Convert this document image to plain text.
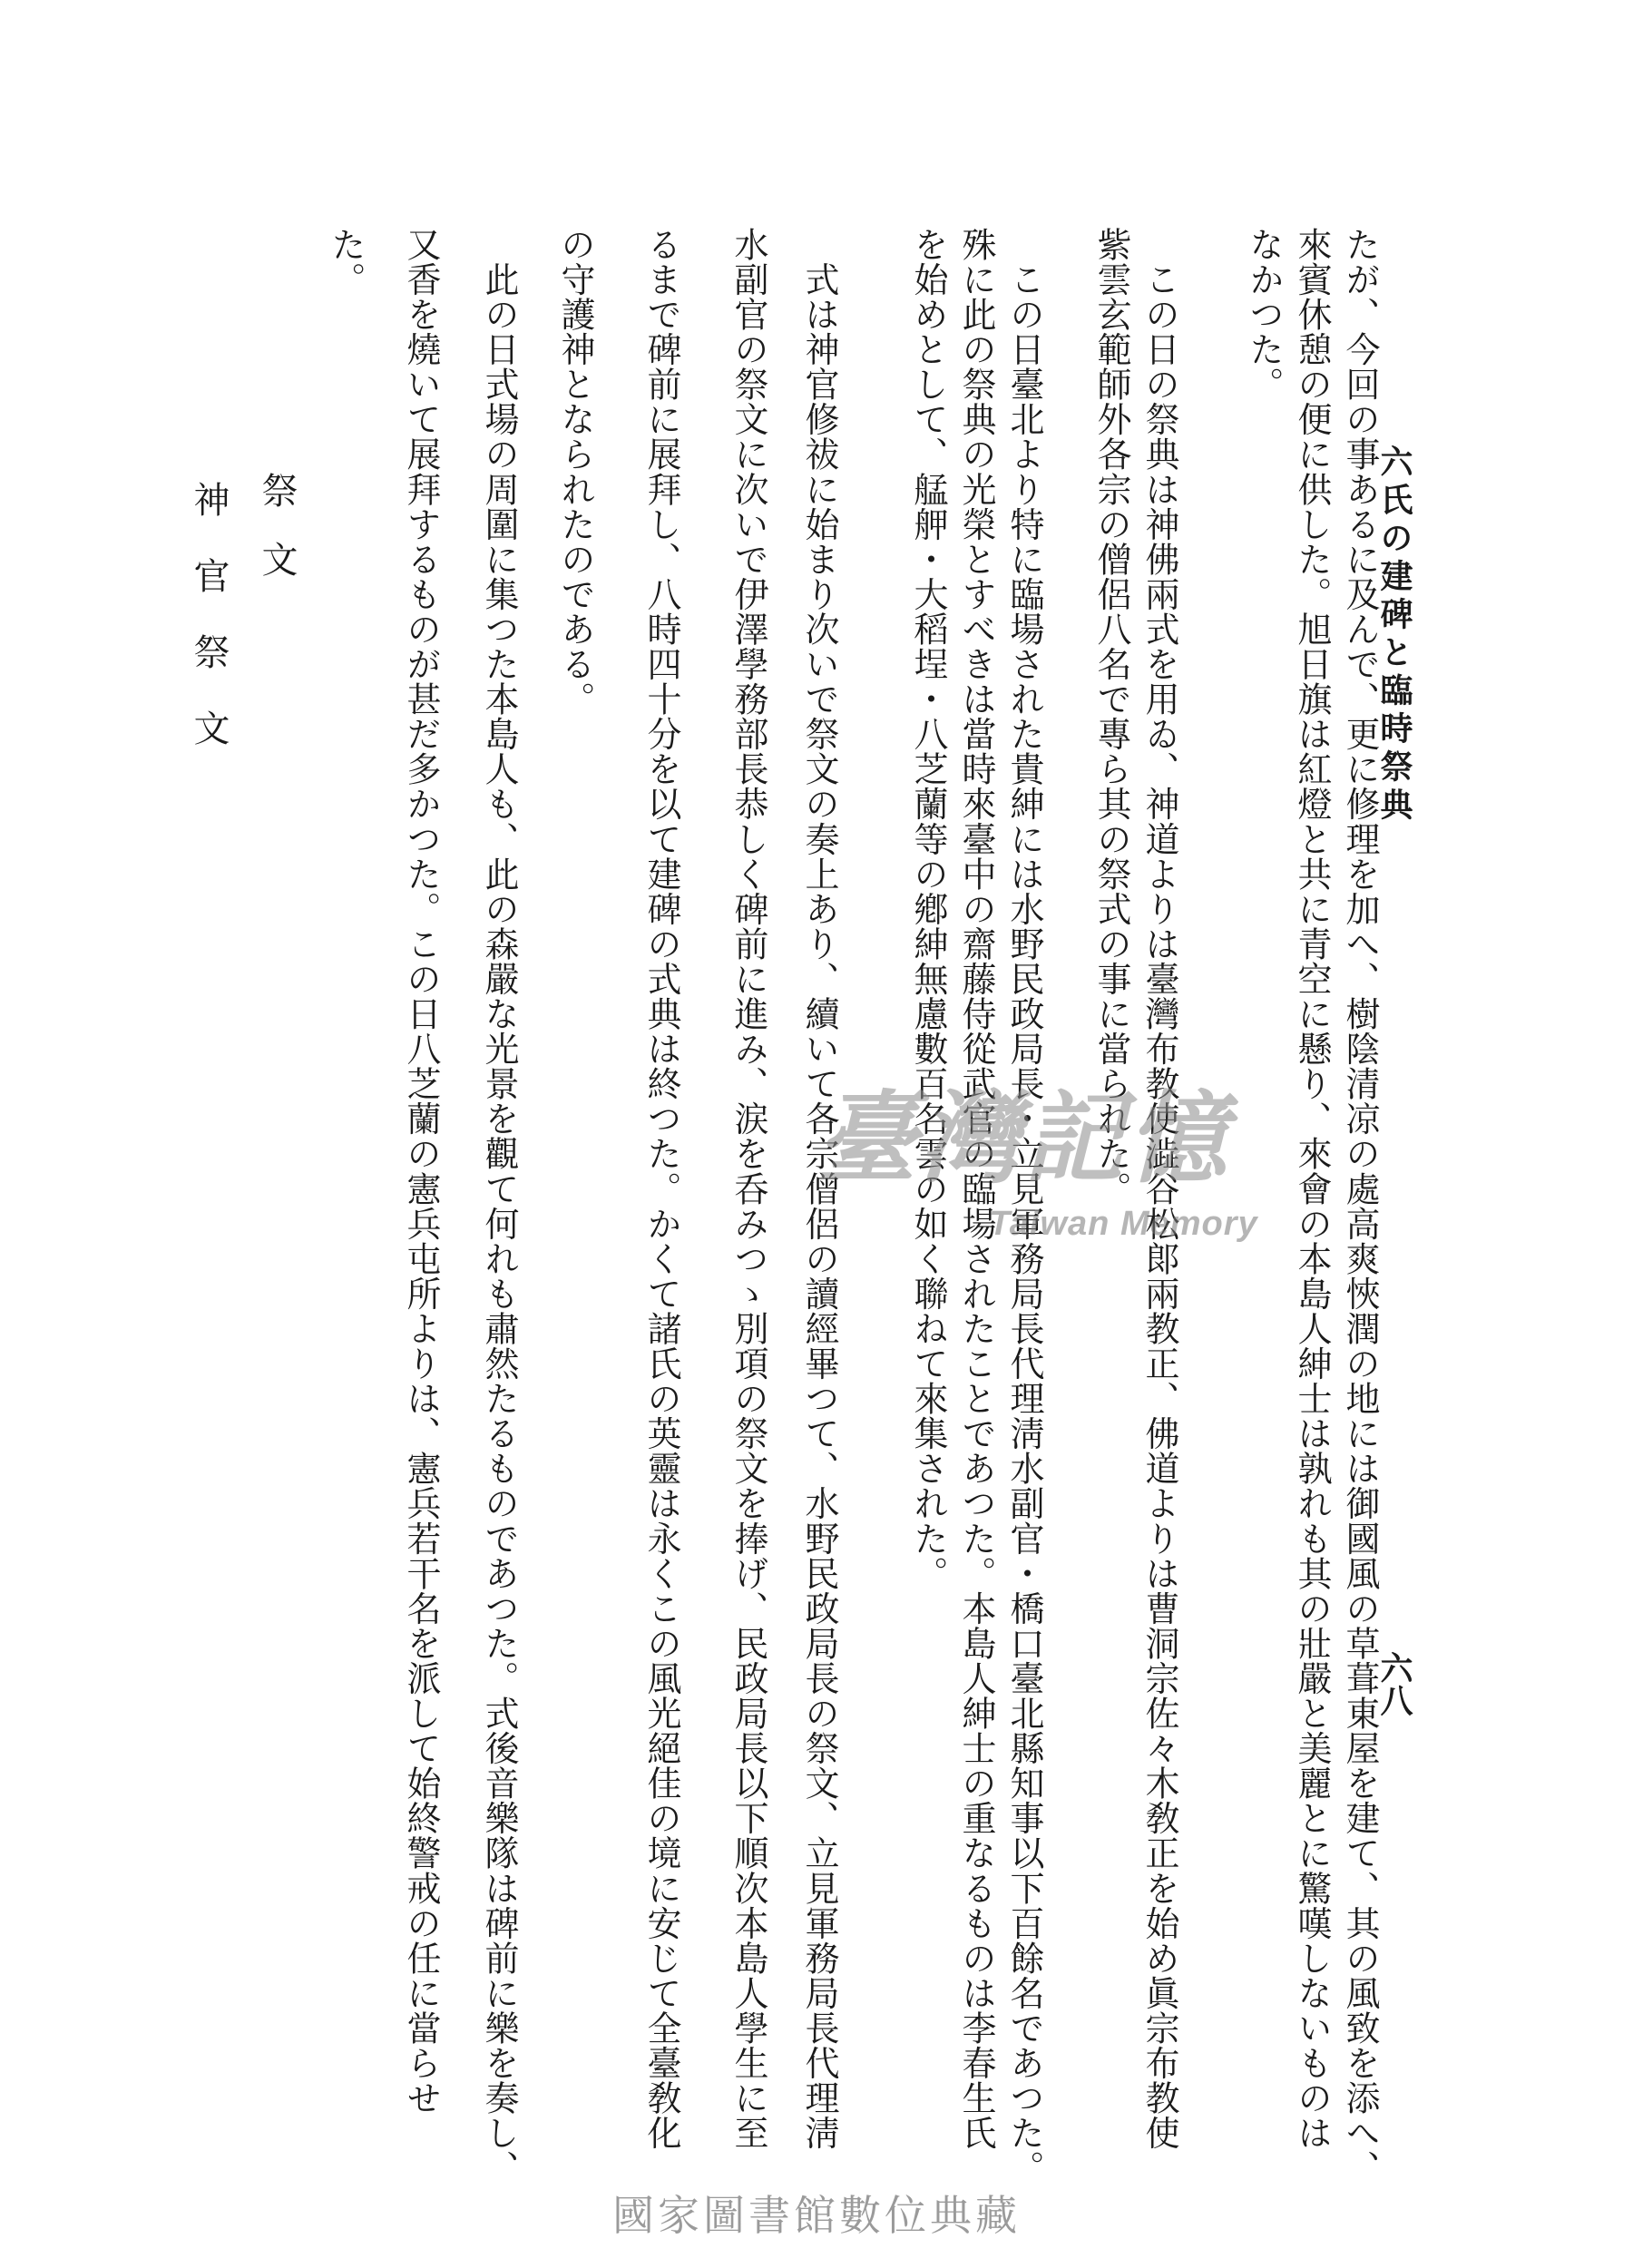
六八
六氏の建碑と臨時祭典
たが、今回の事あるに及んで、更に修理を加へ、樹陰清凉の處高爽悏潤の地には御國風の草葺東屋を建て、其の風致を添へ、
來賓休憩の便に供した。旭日旗は紅燈と共に青空に懸り、來會の本島人紳士は孰れも其の壯嚴と美麗とに驚嘆しないものは
なかつた。
　この日の祭典は神佛兩式を用ゐ、神道よりは臺灣布教使澁谷松郞兩教正、佛道よりは曹洞宗佐々木敎正を始め眞宗布教使
紫雲玄範師外各宗の僧侶八名で專ら其の祭式の事に當られた。
　この日臺北より特に臨場された貴紳には水野民政局長・立見軍務局長代理淸水副官・橋口臺北縣知事以下百餘名であつた。
殊に此の祭典の光榮とすべきは當時來臺中の齋藤侍從武官の臨場されたことであつた。本島人紳士の重なるものは李春生氏
を始めとして、艋舺・大稻埕・八芝蘭等の鄕紳無慮數百名雲の如く聯ねて來集された。
　式は神官修祓に始まり次いで祭文の奏上あり、續いて各宗僧侶の讀經畢つて、水野民政局長の祭文、立見軍務局長代理淸
水副官の祭文に次いで伊澤學務部長恭しく碑前に進み、涙を呑みつゝ別項の祭文を捧げ、民政局長以下順次本島人學生に至
るまで碑前に展拜し、八時四十分を以て建碑の式典は終つた。かくて諸氏の英靈は永くこの風光絕佳の境に安じて全臺敎化
の守護神となられたのである。
　此の日式場の周圍に集つた本島人も、此の森嚴な光景を觀て何れも肅然たるものであつた。式後音樂隊は碑前に樂を奏し、
又香を燒いて展拜するものが甚だ多かつた。この日八芝蘭の憲兵屯所よりは、憲兵若干名を派して始終警戒の任に當らせ
た。
祭文
神官祭文
臺灣記憶
Taiwan Memory
國家圖書館數位典藏
